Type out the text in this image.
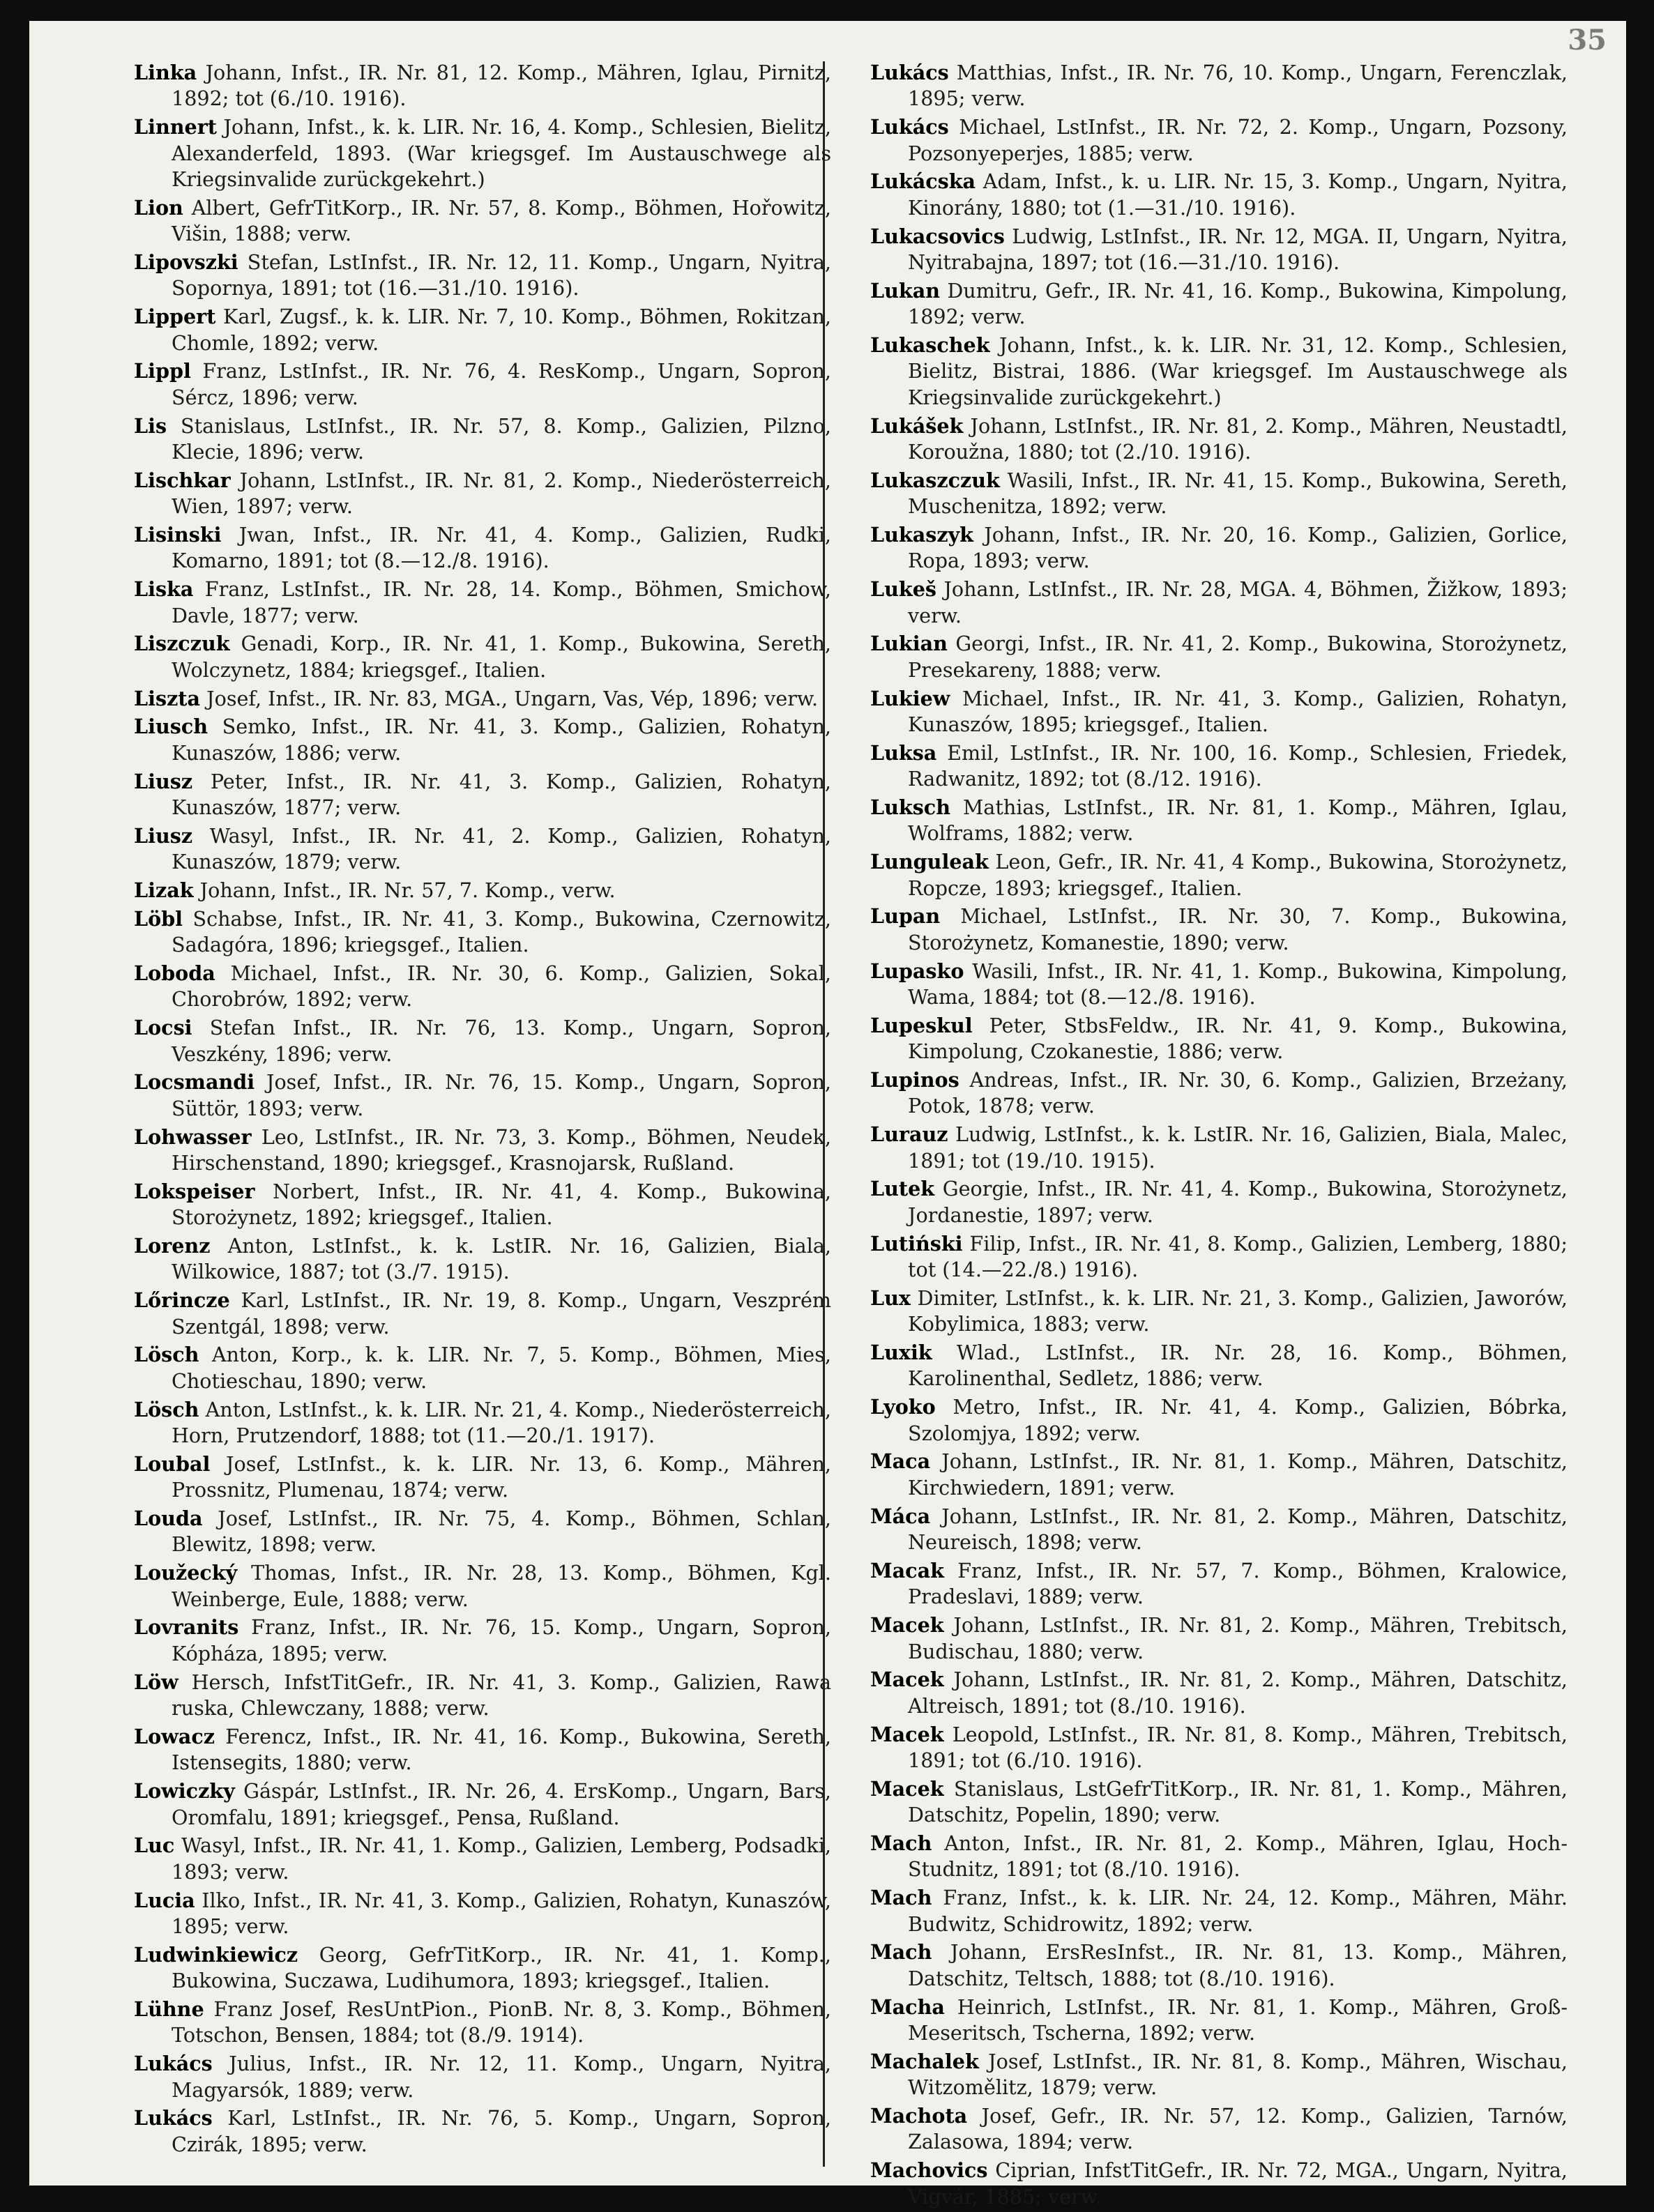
35
Linka Johann, Infst., IR. Nr. 81, 12. Komp., Mähren, Iglau, Pirnitz, 1892; tot (6./10. 1916).
Linnert Johann, Infst., k. k. LIR. Nr. 16, 4. Komp., Schlesien, Bielitz, Alexanderfeld, 1893. (War kriegsgef. Im Austauschwege als Kriegsinvalide zurückgekehrt.)
Lion Albert, GefrTitKorp., IR. Nr. 57, 8. Komp., Böhmen, Hořowitz, Višin, 1888; verw.
Lipovszki Stefan, LstInfst., IR. Nr. 12, 11. Komp., Ungarn, Nyitra, Sopornya, 1891; tot (16.—31./10. 1916).
Lippert Karl, Zugsf., k. k. LIR. Nr. 7, 10. Komp., Böhmen, Rokitzan, Chomle, 1892; verw.
Lippl Franz, LstInfst., IR. Nr. 76, 4. ResKomp., Ungarn, Sopron, Sércz, 1896; verw.
Lis Stanislaus, LstInfst., IR. Nr. 57, 8. Komp., Galizien, Pilzno, Klecie, 1896; verw.
Lischkar Johann, LstInfst., IR. Nr. 81, 2. Komp., Niederösterreich, Wien, 1897; verw.
Lisinski Jwan, Infst., IR. Nr. 41, 4. Komp., Galizien, Rudki, Komarno, 1891; tot (8.—12./8. 1916).
Liska Franz, LstInfst., IR. Nr. 28, 14. Komp., Böhmen, Smichow, Davle, 1877; verw.
Liszczuk Genadi, Korp., IR. Nr. 41, 1. Komp., Bukowina, Sereth, Wolczynetz, 1884; kriegsgef., Italien.
Liszta Josef, Infst., IR. Nr. 83, MGA., Ungarn, Vas, Vép, 1896; verw.
Liusch Semko, Infst., IR. Nr. 41, 3. Komp., Galizien, Rohatyn, Kunaszów, 1886; verw.
Liusz Peter, Infst., IR. Nr. 41, 3. Komp., Galizien, Rohatyn, Kunaszów, 1877; verw.
Liusz Wasyl, Infst., IR. Nr. 41, 2. Komp., Galizien, Rohatyn, Kunaszów, 1879; verw.
Lizak Johann, Infst., IR. Nr. 57, 7. Komp., verw.
Löbl Schabse, Infst., IR. Nr. 41, 3. Komp., Bukowina, Czernowitz, Sadagóra, 1896; kriegsgef., Italien.
Loboda Michael, Infst., IR. Nr. 30, 6. Komp., Galizien, Sokal, Chorobrów, 1892; verw.
Locsi Stefan Infst., IR. Nr. 76, 13. Komp., Ungarn, Sopron, Veszkény, 1896; verw.
Locsmandi Josef, Infst., IR. Nr. 76, 15. Komp., Ungarn, Sopron, Süttör, 1893; verw.
Lohwasser Leo, LstInfst., IR. Nr. 73, 3. Komp., Böhmen, Neudek, Hirschenstand, 1890; kriegsgef., Krasnojarsk, Rußland.
Lokspeiser Norbert, Infst., IR. Nr. 41, 4. Komp., Bukowina, Storożynetz, 1892; kriegsgef., Italien.
Lorenz Anton, LstInfst., k. k. LstIR. Nr. 16, Galizien, Biala, Wilkowice, 1887; tot (3./7. 1915).
Lőrincze Karl, LstInfst., IR. Nr. 19, 8. Komp., Ungarn, Veszprém Szentgál, 1898; verw.
Lösch Anton, Korp., k. k. LIR. Nr. 7, 5. Komp., Böhmen, Mies, Chotieschau, 1890; verw.
Lösch Anton, LstInfst., k. k. LIR. Nr. 21, 4. Komp., Niederösterreich, Horn, Prutzendorf, 1888; tot (11.—20./1. 1917).
Loubal Josef, LstInfst., k. k. LIR. Nr. 13, 6. Komp., Mähren, Prossnitz, Plumenau, 1874; verw.
Louda Josef, LstInfst., IR. Nr. 75, 4. Komp., Böhmen, Schlan, Blewitz, 1898; verw.
Loužecký Thomas, Infst., IR. Nr. 28, 13. Komp., Böhmen, Kgl. Weinberge, Eule, 1888; verw.
Lovranits Franz, Infst., IR. Nr. 76, 15. Komp., Ungarn, Sopron, Kópháza, 1895; verw.
Löw Hersch, InfstTitGefr., IR. Nr. 41, 3. Komp., Galizien, Rawa ruska, Chlewczany, 1888; verw.
Lowacz Ferencz, Infst., IR. Nr. 41, 16. Komp., Bukowina, Sereth, Istensegits, 1880; verw.
Lowiczky Gáspár, LstInfst., IR. Nr. 26, 4. ErsKomp., Ungarn, Bars, Oromfalu, 1891; kriegsgef., Pensa, Rußland.
Luc Wasyl, Infst., IR. Nr. 41, 1. Komp., Galizien, Lemberg, Podsadki, 1893; verw.
Lucia Ilko, Infst., IR. Nr. 41, 3. Komp., Galizien, Rohatyn, Kunaszów, 1895; verw.
Ludwinkiewicz Georg, GefrTitKorp., IR. Nr. 41, 1. Komp., Bukowina, Suczawa, Ludihumora, 1893; kriegsgef., Italien.
Lühne Franz Josef, ResUntPion., PionB. Nr. 8, 3. Komp., Böhmen, Totschon, Bensen, 1884; tot (8./9. 1914).
Lukács Julius, Infst., IR. Nr. 12, 11. Komp., Ungarn, Nyitra, Magyarsók, 1889; verw.
Lukács Karl, LstInfst., IR. Nr. 76, 5. Komp., Ungarn, Sopron, Czirák, 1895; verw.
Lukács Matthias, Infst., IR. Nr. 76, 10. Komp., Ungarn, Ferenczlak, 1895; verw.
Lukács Michael, LstInfst., IR. Nr. 72, 2. Komp., Ungarn, Pozsony, Pozsonyeperjes, 1885; verw.
Lukácska Adam, Infst., k. u. LIR. Nr. 15, 3. Komp., Ungarn, Nyitra, Kinorány, 1880; tot (1.—31./10. 1916).
Lukacsovics Ludwig, LstInfst., IR. Nr. 12, MGA. II, Ungarn, Nyitra, Nyitrabajna, 1897; tot (16.—31./10. 1916).
Lukan Dumitru, Gefr., IR. Nr. 41, 16. Komp., Bukowina, Kimpolung, 1892; verw.
Lukaschek Johann, Infst., k. k. LIR. Nr. 31, 12. Komp., Schlesien, Bielitz, Bistrai, 1886. (War kriegsgef. Im Austauschwege als Kriegsinvalide zurückgekehrt.)
Lukášek Johann, LstInfst., IR. Nr. 81, 2. Komp., Mähren, Neustadtl, Koroužna, 1880; tot (2./10. 1916).
Lukaszczuk Wasili, Infst., IR. Nr. 41, 15. Komp., Bukowina, Sereth, Muschenitza, 1892; verw.
Lukaszyk Johann, Infst., IR. Nr. 20, 16. Komp., Galizien, Gorlice, Ropa, 1893; verw.
Lukeš Johann, LstInfst., IR. Nr. 28, MGA. 4, Böhmen, Žižkow, 1893; verw.
Lukian Georgi, Infst., IR. Nr. 41, 2. Komp., Bukowina, Storożynetz, Presekareny, 1888; verw.
Lukiew Michael, Infst., IR. Nr. 41, 3. Komp., Galizien, Rohatyn, Kunaszów, 1895; kriegsgef., Italien.
Luksa Emil, LstInfst., IR. Nr. 100, 16. Komp., Schlesien, Friedek, Radwanitz, 1892; tot (8./12. 1916).
Luksch Mathias, LstInfst., IR. Nr. 81, 1. Komp., Mähren, Iglau, Wolframs, 1882; verw.
Lunguleak Leon, Gefr., IR. Nr. 41, 4 Komp., Bukowina, Storożynetz, Ropcze, 1893; kriegsgef., Italien.
Lupan Michael, LstInfst., IR. Nr. 30, 7. Komp., Bukowina, Storożynetz, Komanestie, 1890; verw.
Lupasko Wasili, Infst., IR. Nr. 41, 1. Komp., Bukowina, Kimpolung, Wama, 1884; tot (8.—12./8. 1916).
Lupeskul Peter, StbsFeldw., IR. Nr. 41, 9. Komp., Bukowina, Kimpolung, Czokanestie, 1886; verw.
Lupinos Andreas, Infst., IR. Nr. 30, 6. Komp., Galizien, Brzeżany, Potok, 1878; verw.
Lurauz Ludwig, LstInfst., k. k. LstIR. Nr. 16, Galizien, Biala, Malec, 1891; tot (19./10. 1915).
Lutek Georgie, Infst., IR. Nr. 41, 4. Komp., Bukowina, Storożynetz, Jordanestie, 1897; verw.
Lutiński Filip, Infst., IR. Nr. 41, 8. Komp., Galizien, Lemberg, 1880; tot (14.—22./8.) 1916).
Lux Dimiter, LstInfst., k. k. LIR. Nr. 21, 3. Komp., Galizien, Jaworów, Kobylimica, 1883; verw.
Luxik Wlad., LstInfst., IR. Nr. 28, 16. Komp., Böhmen, Karolinenthal, Sedletz, 1886; verw.
Lyoko Metro, Infst., IR. Nr. 41, 4. Komp., Galizien, Bóbrka, Szolomjya, 1892; verw.
Maca Johann, LstInfst., IR. Nr. 81, 1. Komp., Mähren, Datschitz, Kirchwiedern, 1891; verw.
Máca Johann, LstInfst., IR. Nr. 81, 2. Komp., Mähren, Datschitz, Neureisch, 1898; verw.
Macak Franz, Infst., IR. Nr. 57, 7. Komp., Böhmen, Kralowice, Pradeslavi, 1889; verw.
Macek Johann, LstInfst., IR. Nr. 81, 2. Komp., Mähren, Trebitsch, Budischau, 1880; verw.
Macek Johann, LstInfst., IR. Nr. 81, 2. Komp., Mähren, Datschitz, Altreisch, 1891; tot (8./10. 1916).
Macek Leopold, LstInfst., IR. Nr. 81, 8. Komp., Mähren, Trebitsch, 1891; tot (6./10. 1916).
Macek Stanislaus, LstGefrTitKorp., IR. Nr. 81, 1. Komp., Mähren, Datschitz, Popelin, 1890; verw.
Mach Anton, Infst., IR. Nr. 81, 2. Komp., Mähren, Iglau, Hoch-Studnitz, 1891; tot (8./10. 1916).
Mach Franz, Infst., k. k. LIR. Nr. 24, 12. Komp., Mähren, Mähr. Budwitz, Schidrowitz, 1892; verw.
Mach Johann, ErsResInfst., IR. Nr. 81, 13. Komp., Mähren, Datschitz, Teltsch, 1888; tot (8./10. 1916).
Macha Heinrich, LstInfst., IR. Nr. 81, 1. Komp., Mähren, Groß-Meseritsch, Tscherna, 1892; verw.
Machalek Josef, LstInfst., IR. Nr. 81, 8. Komp., Mähren, Wischau, Witzomělitz, 1879; verw.
Machota Josef, Gefr., IR. Nr. 57, 12. Komp., Galizien, Tarnów, Zalasowa, 1894; verw.
Machovics Ciprian, InfstTitGefr., IR. Nr. 72, MGA., Ungarn, Nyitra, Vigvár, 1885; verw.
